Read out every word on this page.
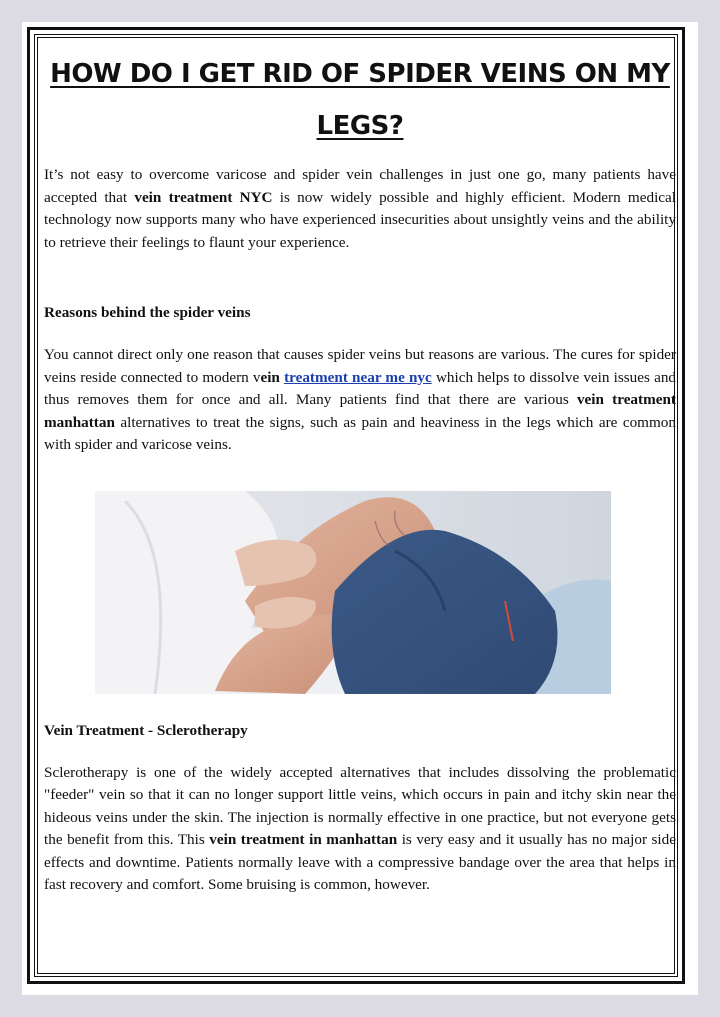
HOW DO I GET RID OF SPIDER VEINS ON MY LEGS?

It’s not easy to overcome varicose and spider vein challenges in just one go, many patients have accepted that vein treatment NYC is now widely possible and highly efficient. Modern medical technology now supports many who have experienced insecurities about unsightly veins and the ability to retrieve their feelings to flaunt your experience.

Reasons behind the spider veins

You cannot direct only one reason that causes spider veins but reasons are various. The cures for spider veins reside connected to modern vein treatment near me nyc which helps to dissolve vein issues and thus removes them for once and all. Many patients find that there are various vein treatment manhattan alternatives to treat the signs, such as pain and heaviness in the legs which are common with spider and varicose veins.

Vein Treatment - Sclerotherapy

Sclerotherapy is one of the widely accepted alternatives that includes dissolving the problematic "feeder" vein so that it can no longer support little veins, which occurs in pain and itchy skin near the hideous veins under the skin. The injection is normally effective in one practice, but not everyone gets the benefit from this. This vein treatment in manhattan is very easy and it usually has no major side effects and downtime. Patients normally leave with a compressive bandage over the area that helps in fast recovery and comfort. Some bruising is common, however.
